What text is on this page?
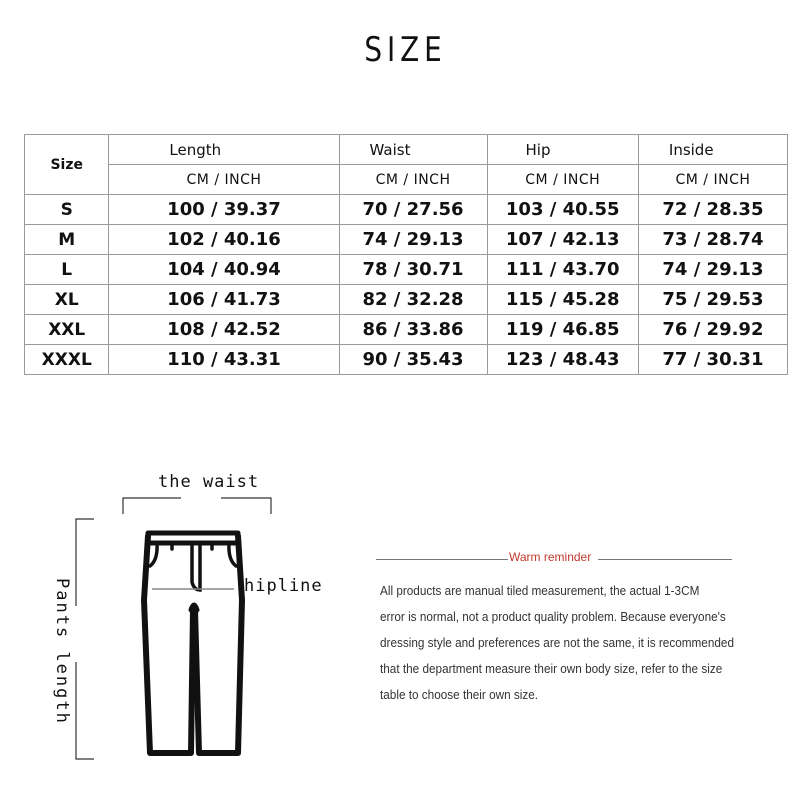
SIZE
Size	Length	Waist	Hip	Inside
	CM / INCH	CM / INCH	CM / INCH	CM / INCH
S	100 / 39.37	70 / 27.56	103 / 40.55	72 / 28.35
M	102 / 40.16	74 / 29.13	107 / 42.13	73 / 28.74
L	104 / 40.94	78 / 30.71	111 / 43.70	74 / 29.13
XL	106 / 41.73	82 / 32.28	115 / 45.28	75 / 29.53
XXL	108 / 42.52	86 / 33.86	119 / 46.85	76 / 29.92
XXXL	110 / 43.31	90 / 35.43	123 / 48.43	77 / 30.31
the waist
hipline
Pants length
Warm reminder
All products are manual tiled measurement, the actual 1-3CM
error is normal, not a product quality problem. Because everyone's
dressing style and preferences are not the same, it is recommended
that the department measure their own body size, refer to the size
table to choose their own size.
